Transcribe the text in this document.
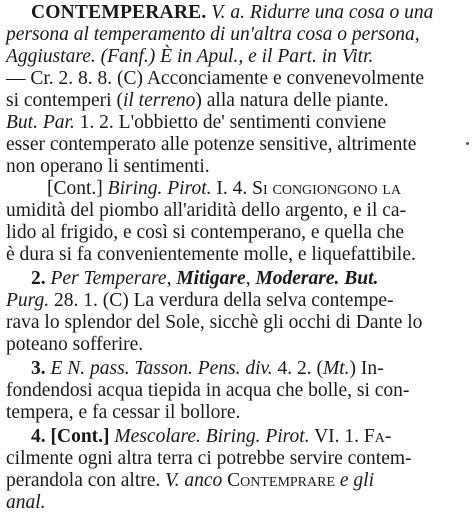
CONTEMPERARE. V. a. Ridurre una cosa o una
persona al temperamento di un'altra cosa o persona,
Aggiustare. (Fanf.) È in Apul., e il Part. in Vitr.
— Cr. 2. 8. 8. (C) Acconciamente e convenevolmente
si contemperi (il terreno) alla natura delle piante.
But. Par. 1. 2. L'obbietto de' sentimenti conviene
esser contemperato alle potenze sensitive, altrimente
non operano li sentimenti.
[Cont.] Biring. Pirot. I. 4. Si congiongono la
umidità del piombo all'aridità dello argento, e il ca-
lido al frigido, e così si contemperano, e quella che
è dura si fa convenientemente molle, e liquefattibile.
2. Per Temperare, Mitigare, Moderare. But.
Purg. 28. 1. (C) La verdura della selva contempe-
rava lo splendor del Sole, sicchè gli occhi di Dante lo
poteano sofferire.
3. E N. pass. Tasson. Pens. div. 4. 2. (Mt.) In-
fondendosi acqua tiepida in acqua che bolle, si con-
tempera, e fa cessar il bollore.
4. [Cont.] Mescolare. Biring. Pirot. VI. 1. Fa-
cilmente ogni altra terra ci potrebbe servire contem-
perandola con altre. V. anco Contemprare e gli
anal.
